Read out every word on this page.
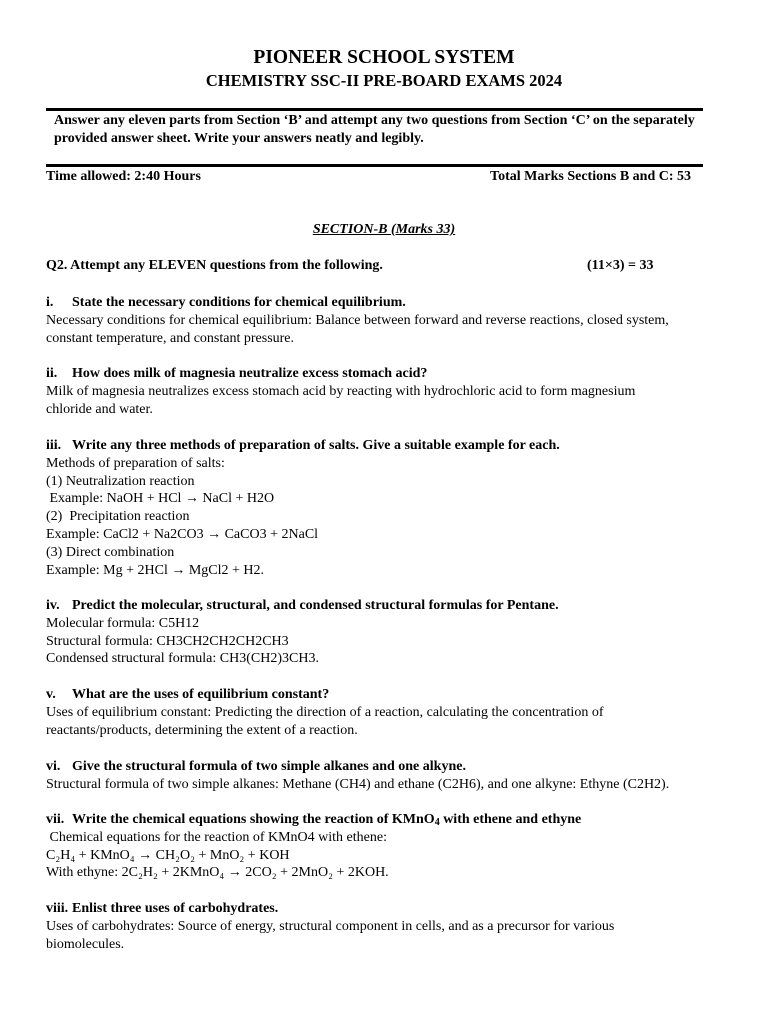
PIONEER SCHOOL SYSTEM
CHEMISTRY SSC-II PRE-BOARD EXAMS 2024
Answer any eleven parts from Section ‘B’ and attempt any two questions from Section ‘C’ on the separately provided answer sheet. Write your answers neatly and legibly.
Time allowed: 2:40 Hours	Total Marks Sections B and C: 53
SECTION-B (Marks 33)
Q2. Attempt any ELEVEN questions from the following.	(11×3) = 33
i. State the necessary conditions for chemical equilibrium.
Necessary conditions for chemical equilibrium: Balance between forward and reverse reactions, closed system,
constant temperature, and constant pressure.
ii. How does milk of magnesia neutralize excess stomach acid?
Milk of magnesia neutralizes excess stomach acid by reacting with hydrochloric acid to form magnesium
chloride and water.
iii. Write any three methods of preparation of salts. Give a suitable example for each.
Methods of preparation of salts:
(1) Neutralization reaction
Example: NaOH + HCl → NaCl + H2O
(2)  Precipitation reaction
Example: CaCl2 + Na2CO3 → CaCO3 + 2NaCl
(3) Direct combination
Example: Mg + 2HCl → MgCl2 + H2.
iv. Predict the molecular, structural, and condensed structural formulas for Pentane.
Molecular formula: C5H12
Structural formula: CH3CH2CH2CH2CH3
Condensed structural formula: CH3(CH2)3CH3.
v. What are the uses of equilibrium constant?
Uses of equilibrium constant: Predicting the direction of a reaction, calculating the concentration of
reactants/products, determining the extent of a reaction.
vi. Give the structural formula of two simple alkanes and one alkyne.
Structural formula of two simple alkanes: Methane (CH4) and ethane (C2H6), and one alkyne: Ethyne (C2H2).
vii. Write the chemical equations showing the reaction of KMnO$_4$ with ethene and ethyne
Chemical equations for the reaction of KMnO4 with ethene:
C₂H₄ + KMnO₄ → CH₂O₂ + MnO₂ + KOH
With ethyne: 2C₂H₂ + 2KMnO₄ → 2CO₂ + 2MnO₂ + 2KOH.
viii. Enlist three uses of carbohydrates.
Uses of carbohydrates: Source of energy, structural component in cells, and as a precursor for various
biomolecules.
